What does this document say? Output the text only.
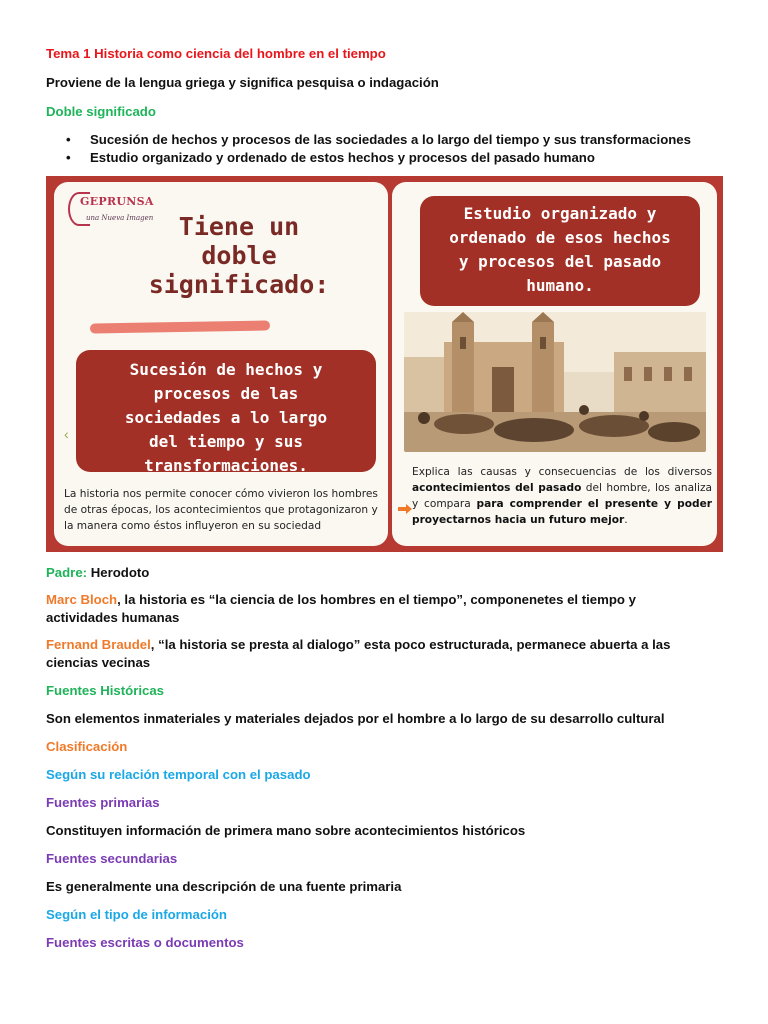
Tema 1 Historia como ciencia del hombre en el tiempo
Proviene de la lengua griega y significa pesquisa o indagación
Doble significado
• Sucesión de hechos y procesos de las sociedades a lo largo del tiempo y sus transformaciones
• Estudio organizado y ordenado de estos hechos y procesos del pasado humano
GEPRUNSA
una Nueva Imagen	Tiene un
doble
significado:
‹
Sucesión de hechos y
procesos de las
sociedades a lo largo
del tiempo y sus
transformaciones.
La historia nos permite conocer cómo vivieron los hombres de otras épocas, los acontecimientos que protagonizaron y la manera como éstos influyeron en su sociedad
Estudio organizado y
ordenado de esos hechos
y procesos del pasado
humano.
Explica las causas y consecuencias de los diversos acontecimientos del pasado del hombre, los analiza y compara para comprender el presente y poder proyectarnos hacia un futuro mejor.
Padre: Herodoto
Marc Bloch, la historia es “la ciencia de los hombres en el tiempo”, componenetes el tiempo y
actividades humanas
Fernand Braudel, “la historia se presta al dialogo” esta poco estructurada, permanece abuerta a las
ciencias vecinas
Fuentes Históricas
Son elementos inmateriales y materiales dejados por el hombre a lo largo de su desarrollo cultural
Clasificación
Según su relación temporal con el pasado
Fuentes primarias
Constituyen información de primera mano sobre acontecimientos históricos
Fuentes secundarias
Es generalmente una descripción de una fuente primaria
Según el tipo de información
Fuentes escritas o documentos
